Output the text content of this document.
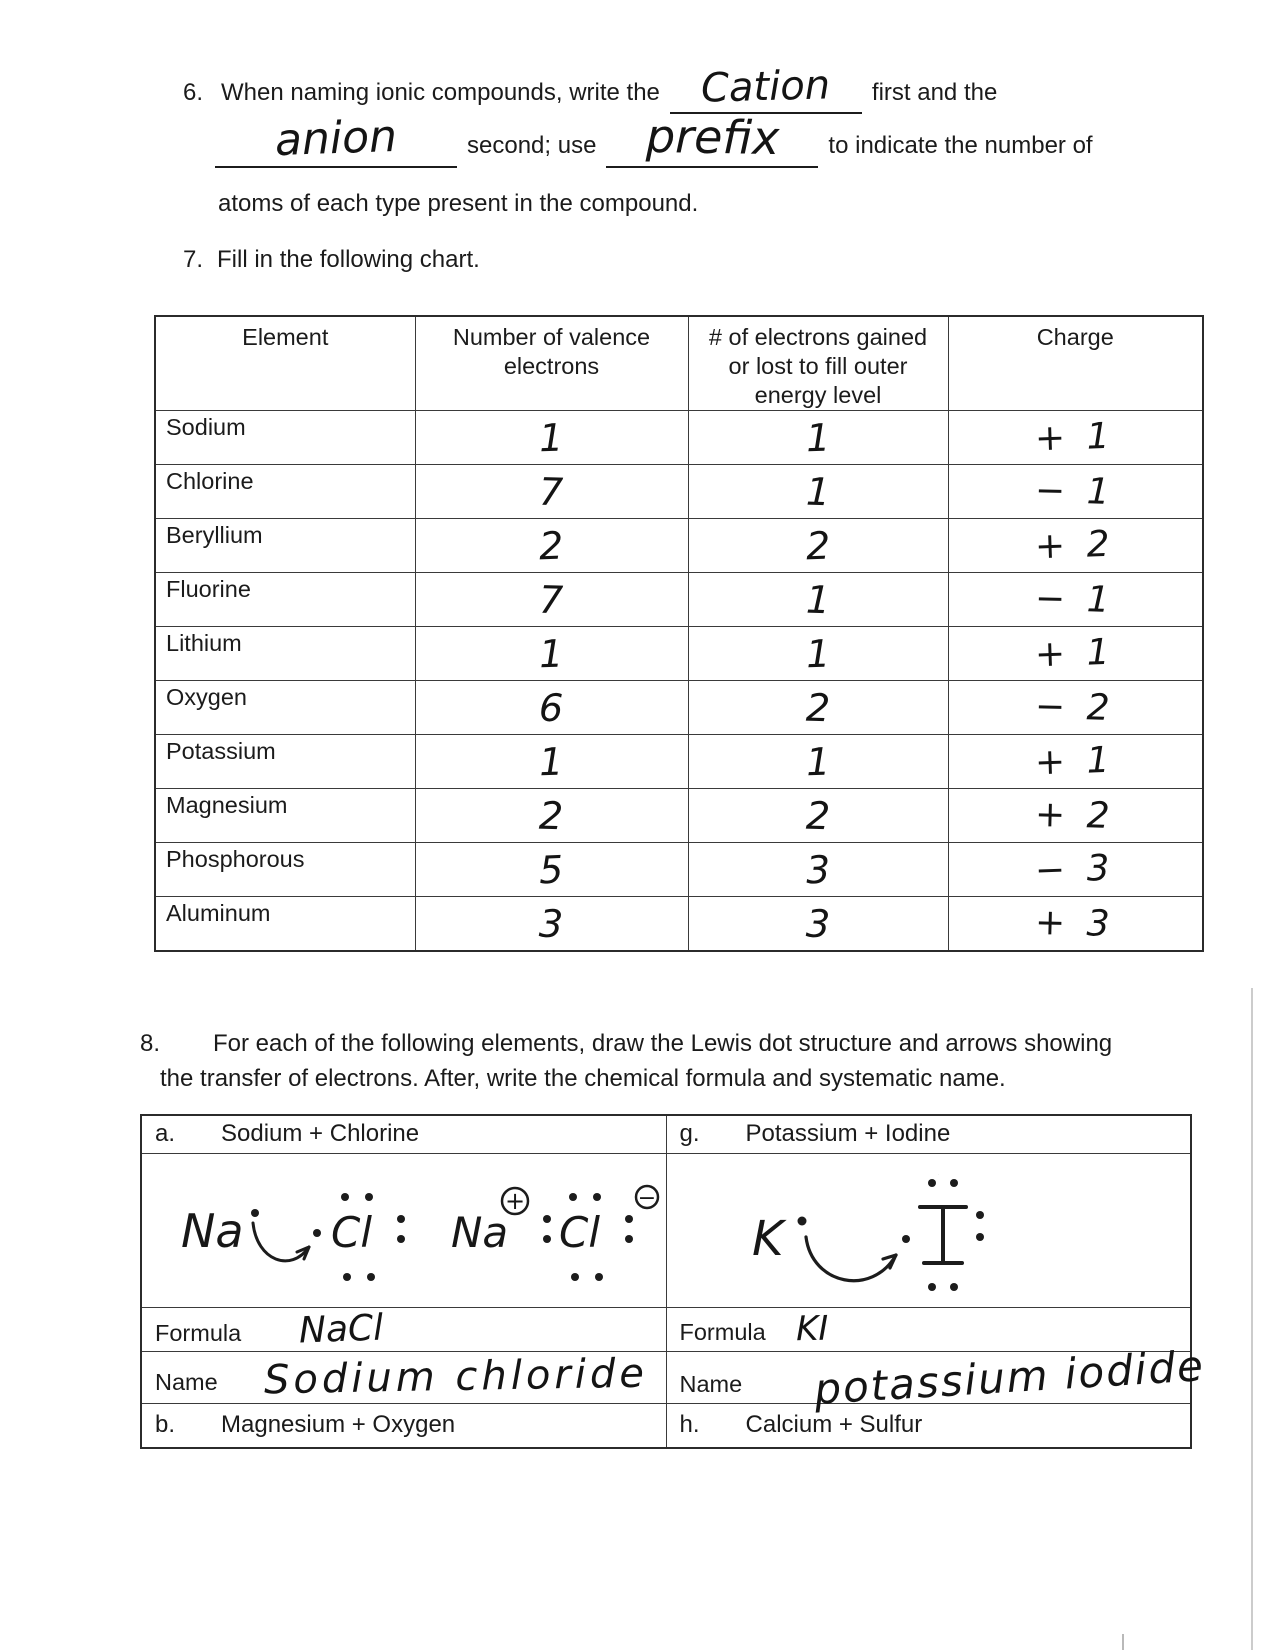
6. When naming ionic compounds, write the Cation first and the
anion	second; use prefix to indicate the number of
atoms of each type present in the compound.
7. Fill in the following chart.
Element	Number of valence electrons	# of electrons gained or lost to fill outer energy level	Charge
Sodium	1	1	+ 1
Chlorine	7	1	− 1
Beryllium	2	2	+ 2
Fluorine	7	1	− 1
Lithium	1	1	+ 1
Oxygen	6	2	− 2
Potassium	1	1	+ 1
Magnesium	2	2	+ 2
Phosphorous	5	3	− 3
Aluminum	3	3	+ 3
8. For each of the following elements, draw the Lewis dot structure and arrows showing
the transfer of electrons. After, write the chemical formula and systematic name.
a. Sodium + Chlorine	g. Potassium + Iodine

Na Cl Na
+
Cl
−

K
I

Formula NaCl	Formula KI
Name Sodium chloride	Name potassium iodide
b. Magnesium + Oxygen	h. Calcium + Sulfur
